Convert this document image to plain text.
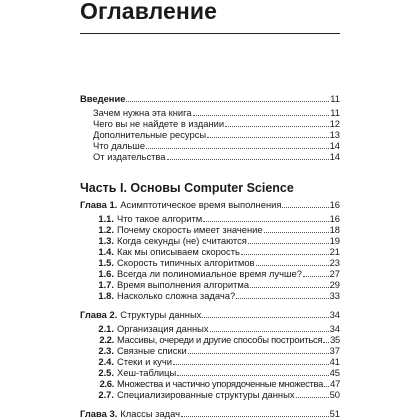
Оглавление
Введение	11
Зачем нужна эта книга	11
Чего вы не найдете в издании	12
Дополнительные ресурсы	13
Что дальше	14
От издательства	14
Часть I. Основы Computer Science
Глава 1. Асимптотическое время выполнения	16
1.1. Что такое алгоритм	16
1.2. Почему скорость имеет значение	18
1.3. Когда секунды (не) считаются	19
1.4. Как мы описываем скорость	21
1.5. Скорость типичных алгоритмов	23
1.6. Всегда ли полиномиальное время лучше?	27
1.7. Время выполнения алгоритма	29
1.8. Насколько сложна задача?	33
Глава 2. Структуры данных	34
2.1. Организация данных	34
2.2. Массивы, очереди и другие способы построиться 35
2.3. Связные списки	37
2.4. Стеки и кучи	41
2.5. Хеш-таблицы	45
2.6. Множества и частично упорядоченные множества 47
2.7. Специализированные структуры данных	50
Глава 3. Классы задач	51
